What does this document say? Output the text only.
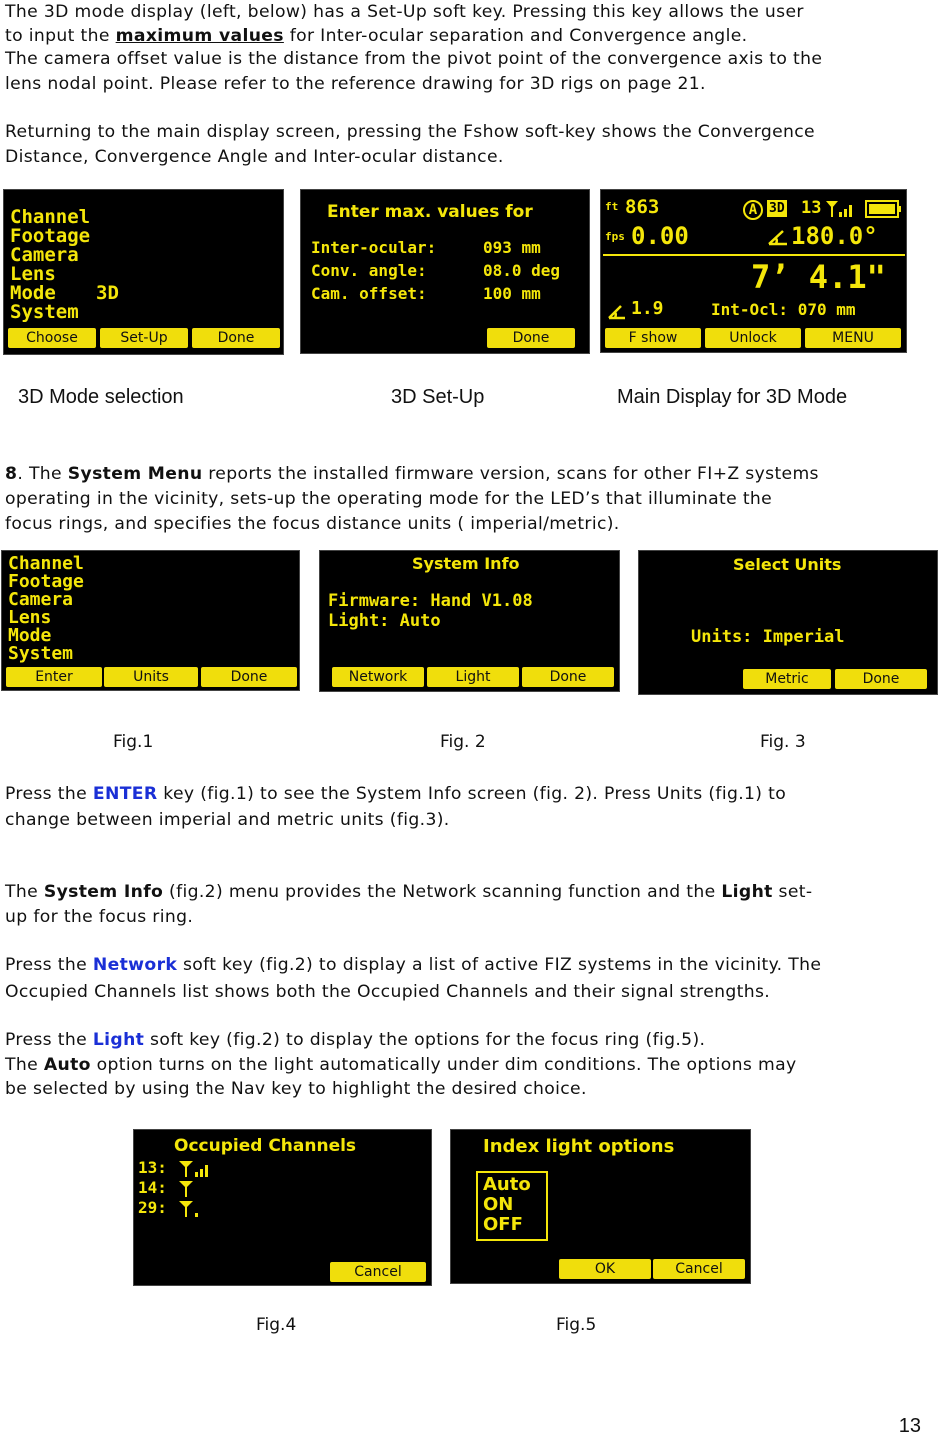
The 3D mode display (left, below) has a Set-Up soft key. Pressing this key allows the user

to input the maximum values for Inter-ocular separation and Convergence angle.

The camera offset value is the distance from the pivot point of the convergence axis to the

lens nodal point. Please refer to the reference drawing for 3D rigs on page 21.

Returning to the main display screen, pressing the Fshow soft-key shows the Convergence

Distance, Convergence Angle and Inter-ocular distance.

Channel
Footage
Camera
Lens
Mode 3D
System
Choose	Set-Up	Done
Enter max. values for
Inter-ocular:	093 mm
Conv. angle:	08.0 deg
Cam. offset:	100 mm
Done
ft 863
fps 0.00
A 3D 13
180.0°
7’ 4.1"
1.9	Int-Ocl: 070 mm
F show	Unlock	MENU
3D Mode selection	3D Set-Up	Main Display for 3D Mode

8. The System Menu reports the installed firmware version, scans for other FI+Z systems

operating in the vicinity, sets-up the operating mode for the LED’s that illuminate the

focus rings, and specifies the focus distance units ( imperial/metric).

Channel
Footage
Camera
Lens
Mode
System
Enter	Units	Done
System Info
Firmware: Hand V1.08
Light: Auto
Network	Light	Done
Select Units
Units: Imperial
Metric	Done
Fig.1	Fig. 2	Fig. 3

Press the ENTER key (fig.1) to see the System Info screen (fig. 2). Press Units (fig.1) to

change between imperial and metric units (fig.3).

The System Info (fig.2) menu provides the Network scanning function and the Light set-

up for the focus ring.

Press the Network soft key (fig.2) to display a list of active FIZ systems in the vicinity. The

Occupied Channels list shows both the Occupied Channels and their signal strengths.

Press the Light soft key (fig.2) to display the options for the focus ring (fig.5).

The Auto option turns on the light automatically under dim conditions. The options may

be selected by using the Nav key to highlight the desired choice.

Occupied Channels
13:
14:
29:
Cancel
Index light options
Auto
ON
OFF
OK	Cancel
Fig.4	Fig.5
13
